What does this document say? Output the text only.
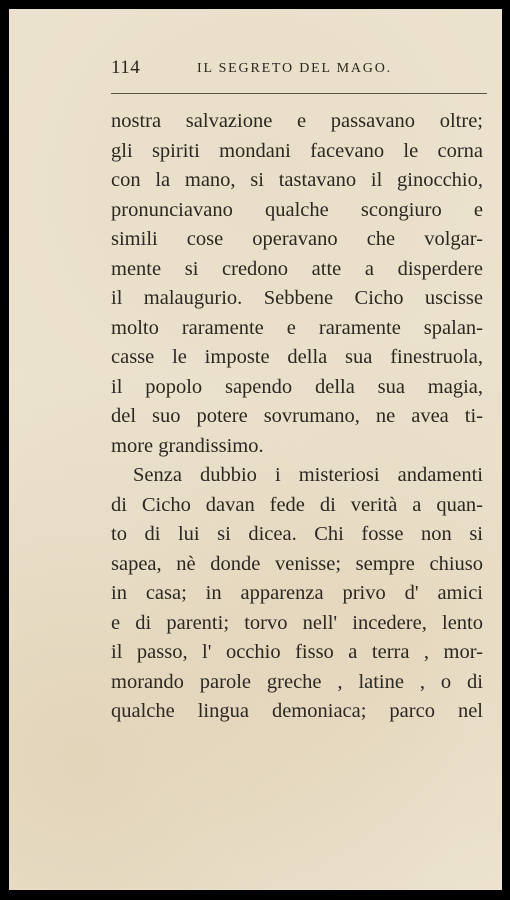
114	IL SEGRETO DEL MAGO.
nostra salvazione e passavano oltre;
gli spiriti mondani facevano le corna
con la mano, si tastavano il ginocchio,
pronunciavano qualche scongiuro e
simili cose operavano che volgar-
mente si credono atte a disperdere
il malaugurio. Sebbene Cicho uscisse
molto raramente e raramente spalan-
casse le imposte della sua finestruola,
il popolo sapendo della sua magia,
del suo potere sovrumano, ne avea ti-
more grandissimo.
Senza dubbio i misteriosi andamenti
di Cicho davan fede di verità a quan-
to di lui si dicea. Chi fosse non si
sapea, nè donde venisse; sempre chiuso
in casa; in apparenza privo d' amici
e di parenti; torvo nell' incedere, lento
il passo, l' occhio fisso a terra , mor-
morando parole greche , latine , o di
qualche lingua demoniaca; parco nel
